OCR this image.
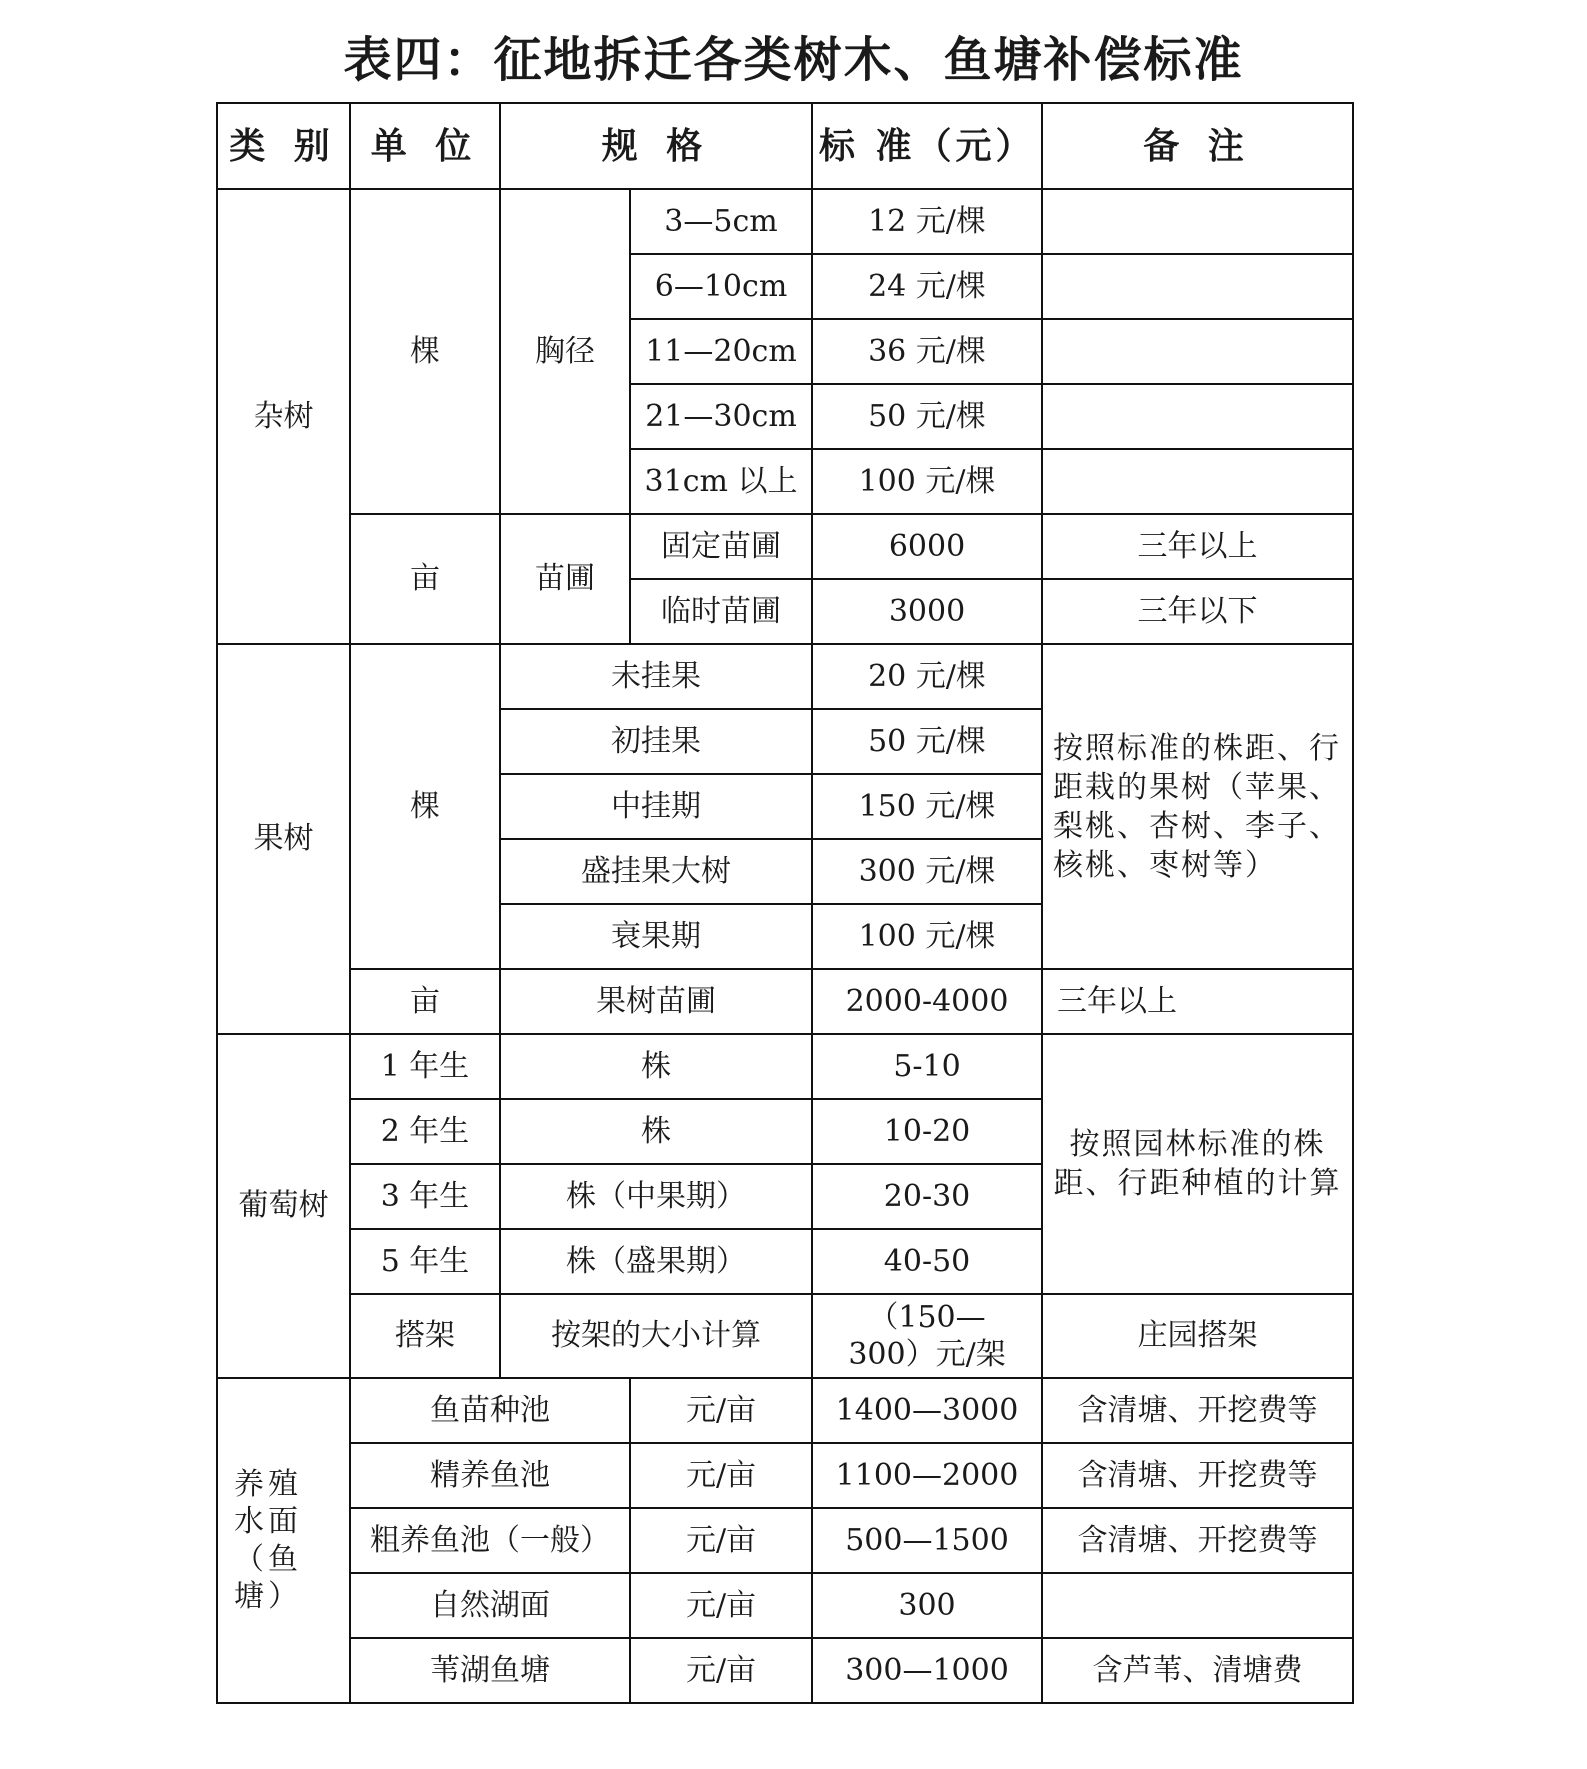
表四：征地拆迁各类树木、鱼塘补偿标准
类 别	单 位	规 格		标 准（元）	备 注
杂树	棵	胸径	3—5cm	12 元/棵	
			6—10cm	24 元/棵	
			11—20cm	36 元/棵	
			21—30cm	50 元/棵	
			31cm 以上	100 元/棵	
	亩	苗圃	固定苗圃	6000	三年以上
			临时苗圃	3000	三年以下
果树	棵	未挂果		20 元/棵	按照标准的株距、行距栽的果树（苹果、梨桃、杏树、李子、核桃、枣树等）
		初挂果		50 元/棵	
		中挂期		150 元/棵	
		盛挂果大树		300 元/棵	
		衰果期		100 元/棵	
	亩	果树苗圃		2000-4000	三年以上
葡萄树	1 年生	株		5-10	按照园林标准的株距、行距种植的计算
	2 年生	株		10-20	
	3 年生	株（中果期）		20-30	
	5 年生	株（盛果期）		40-50	
	搭架	按架的大小计算		（150—300）元/架	庄园搭架
养殖水面（鱼塘）	鱼苗种池		元/亩	1400—3000	含清塘、开挖费等
	精养鱼池		元/亩	1100—2000	含清塘、开挖费等
	粗养鱼池（一般）		元/亩	500—1500	含清塘、开挖费等
	自然湖面		元/亩	300	
	苇湖鱼塘		元/亩	300—1000	含芦苇、清塘费
